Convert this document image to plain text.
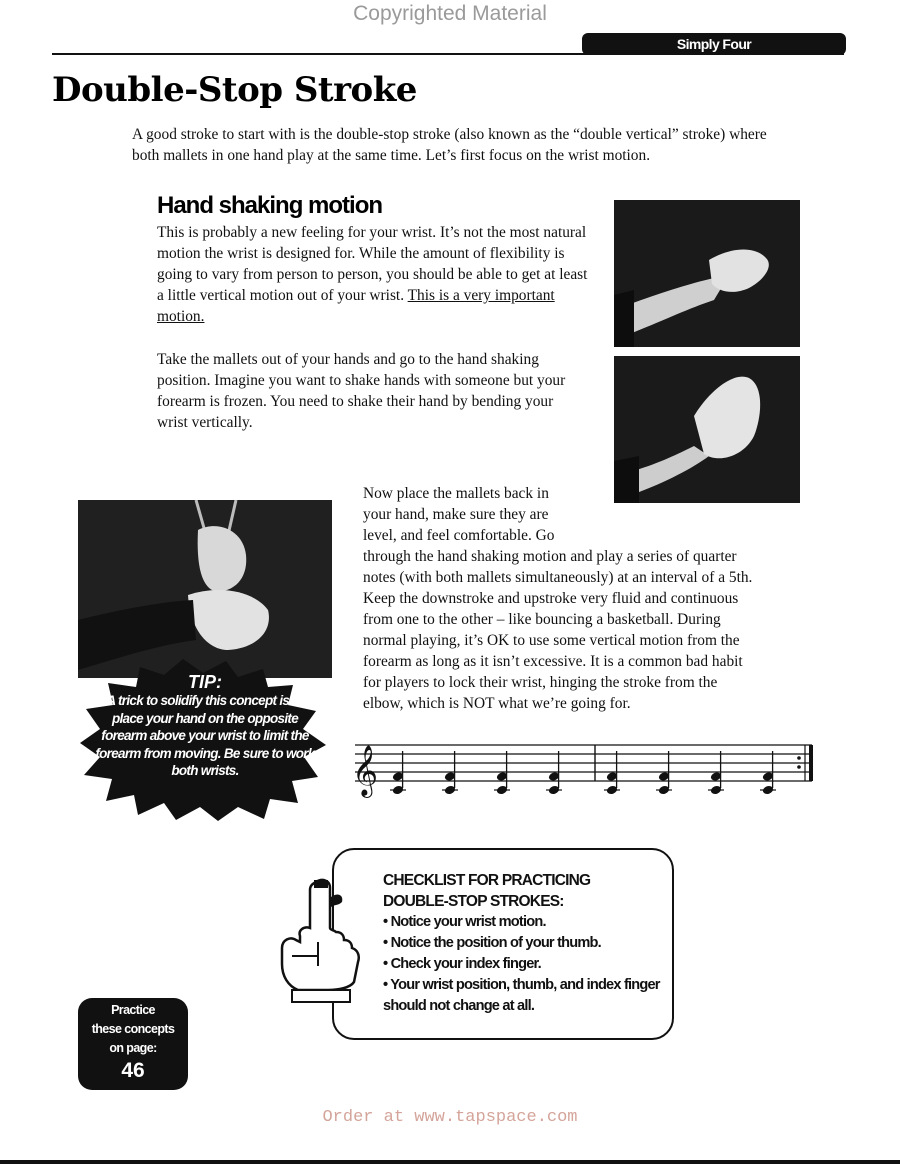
Copyrighted Material
Simply Four
Double-Stop Stroke
A good stroke to start with is the double-stop stroke (also known as the “double vertical” stroke) where both mallets in one hand play at the same time. Let’s first focus on the wrist motion.
Hand shaking motion
This is probably a new feeling for your wrist. It’s not the most natural motion the wrist is designed for. While the amount of flexibility is going to vary from person to person, you should be able to get at least a little vertical motion out of your wrist. This is a very important motion.
Take the mallets out of your hands and go to the hand shaking position. Imagine you want to shake hands with someone but your forearm is frozen. You need to shake their hand by bending your wrist vertically.
Now place the mallets back in
your hand, make sure they are
level, and feel comfortable. Go
through the hand shaking motion and play a series of quarter
notes (with both mallets simultaneously) at an interval of a 5th.
Keep the downstroke and upstroke very fluid and continuous
from one to the other – like bouncing a basketball. During
normal playing, it’s OK to use some vertical motion from the
forearm as long as it isn’t excessive. It is a common bad habit
for players to lock their wrist, hinging the stroke from the
elbow, which is NOT what we’re going for.
TIP:
A trick to solidify this concept is to place your hand on the opposite forearm above your wrist to limit the forearm from moving. Be sure to work both wrists.	𝄞
CHECKLIST FOR PRACTICING
DOUBLE-STOP STROKES:
• Notice your wrist motion.
• Notice the position of your thumb.
• Check your index finger.
• Your wrist position, thumb, and index finger should not change at all.
Practice
these concepts
on page:
46
Order at www.tapspace.com
